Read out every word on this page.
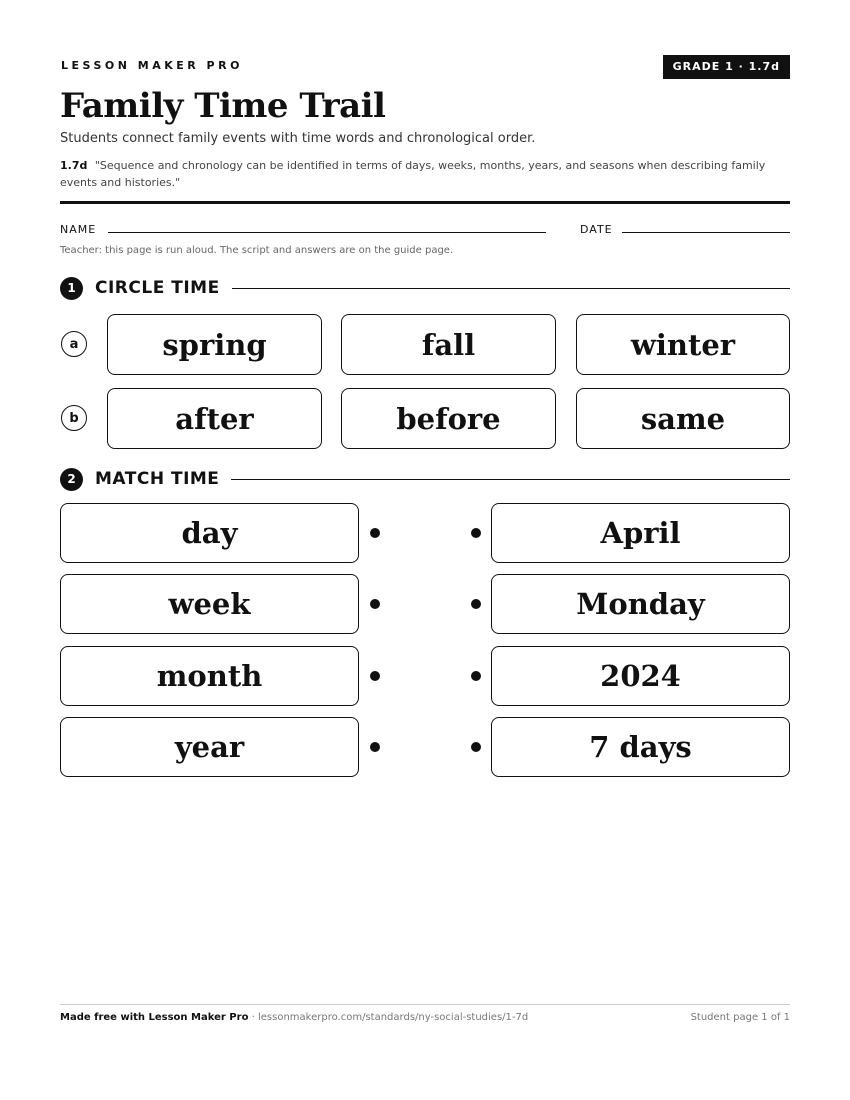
LESSON MAKER PRO	GRADE 1 · 1.7d
Family Time Trail
Students connect family events with time words and chronological order.
1.7d "Sequence and chronology can be identified in terms of days, weeks, months, years, and seasons when describing family events and histories."
NAME	DATE
Teacher: this page is run aloud. The script and answers are on the guide page.
1	CIRCLE TIME
a	spring	fall	winter
b	after	before	same
2	MATCH TIME
day	April
week	Monday
month	2024
year	7 days
Made free with Lesson Maker Pro · lessonmakerpro.com/standards/ny-social-studies/1-7d	Student page 1 of 1
